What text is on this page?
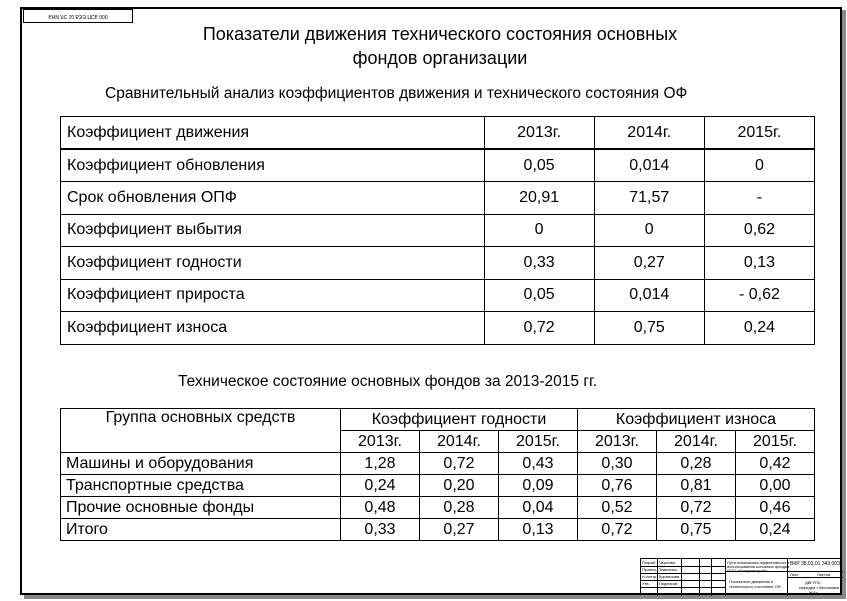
ЕНИ ЛС 10 БЭЭ ПСЕ 000
Показатели движения технического состояния основных
фондов организации
Сравнительный анализ коэффициентов движения и технического состояния ОФ
Коэффициент движения	2013г.	2014г.	2015г.
Коэффициент обновления	0,05	0,014	0
Срок обновления ОПФ	20,91	71,57	-
Коэффициент выбытия	0	0	0,62
Коэффициент годности	0,33	0,27	0,13
Коэффициент прироста	0,05	0,014	- 0,62
Коэффициент износа	0,72	0,75	0,24
Техническое состояние основных фондов за 2013-2015 гг.
Группа основных средств	Коэффициент годности			Коэффициент износа		
	2013г.	2014г.	2015г.	2013г.	2014г.	2015г.
Машины и оборудования	1,28	0,72	0,43	0,30	0,28	0,42
Транспортные средства	0,24	0,20	0,09	0,76	0,81	0,00
Прочие основные фонды	0,48	0,28	0,04	0,52	0,72	0,46
Итого	0,33	0,27	0,13	0,72	0,75	0,24
Разраб.
Провер.
Н.контр.
Утв.
Чернова
Тимченко
Корнилова
Подписов
Пути повышения эффективности
использования основных фондов
ООО «Гостранстрой»
ВКР 38.03.01 343 003
Показатели движения и
технического состояния ОФ
Лист	Листов
ДВГУПС
кафедра «Экономика
ЖД»
